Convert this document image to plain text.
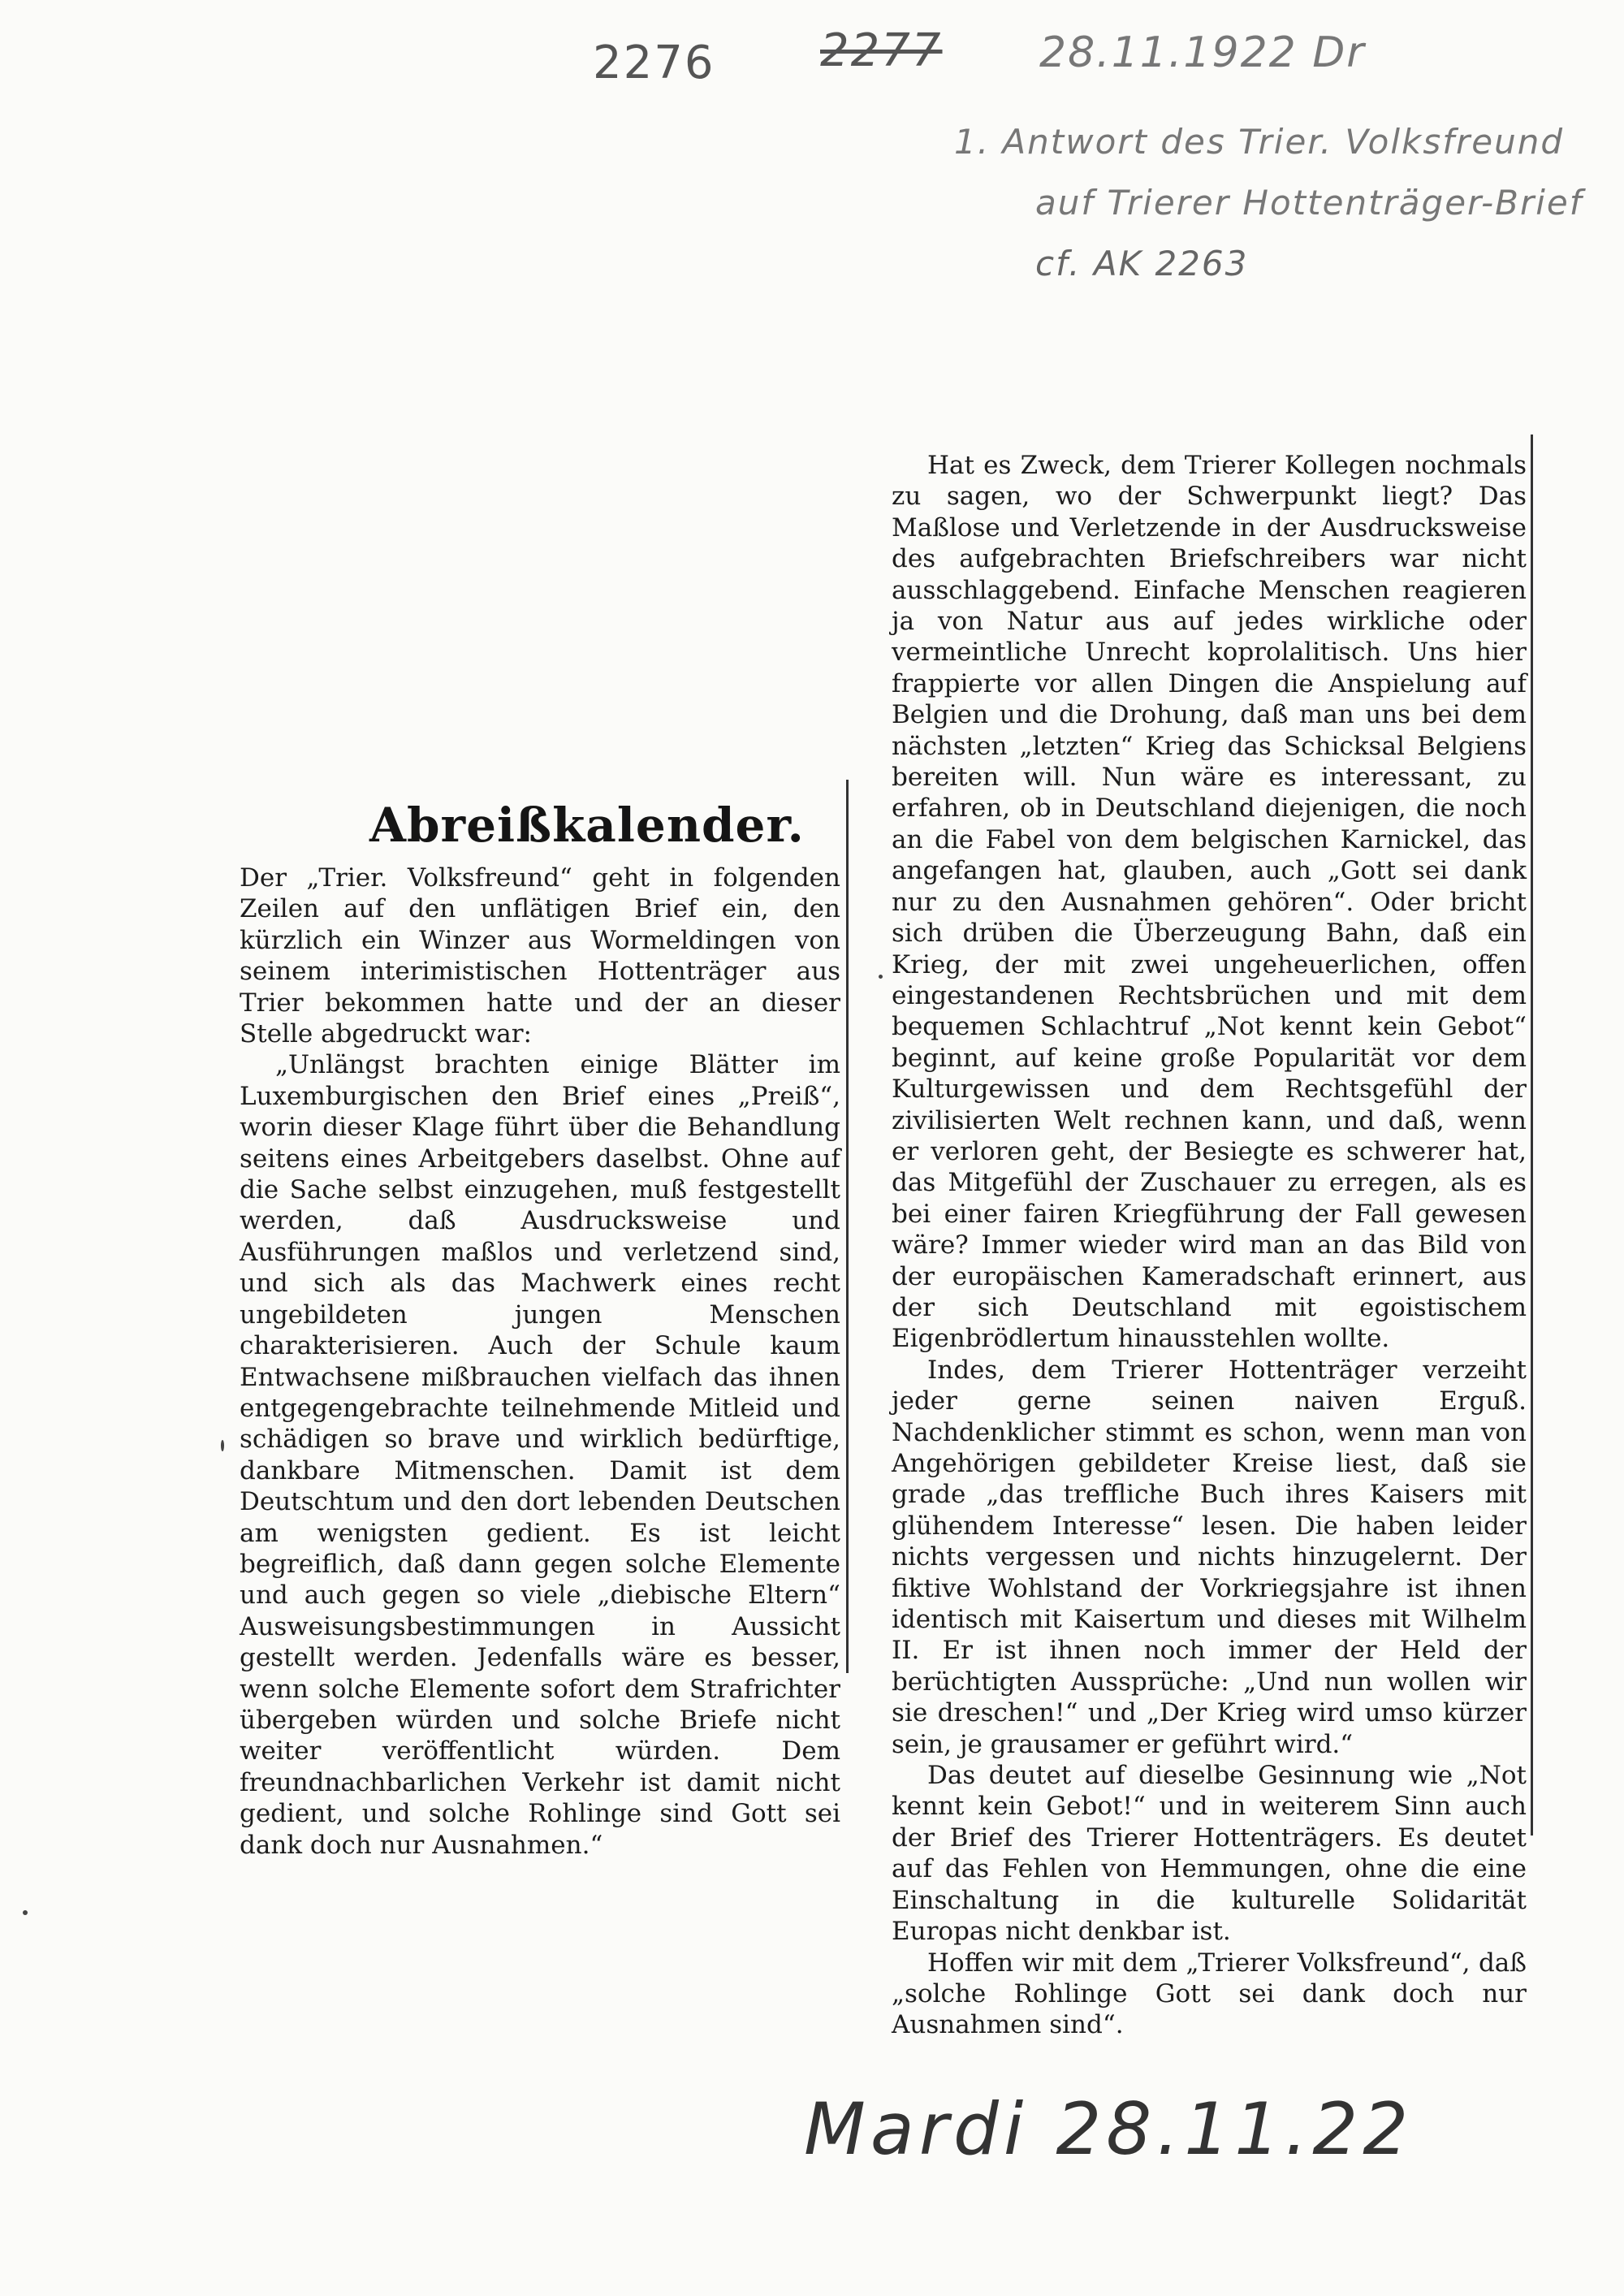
2276 2277 28.11.1922 Dr
1. Antwort des Trier. Volksfreund
auf Trierer Hottenträger-Brief
cf. AK 2263
Abreißkalender.

Der „Trier. Volksfreund“ geht in folgenden Zeilen auf den unflätigen Brief ein, den kürzlich ein Winzer aus Wormeldingen von seinem interimistischen Hottenträger aus Trier bekommen hatte und der an dieser Stelle abgedruckt war:

„Unlängst brachten einige Blätter im Luxemburgischen den Brief eines „Preiß“, worin dieser Klage führt über die Behandlung seitens eines Arbeitgebers daselbst. Ohne auf die Sache selbst einzugehen, muß festgestellt werden, daß Ausdrucksweise und Ausführungen maßlos und verletzend sind, und sich als das Machwerk eines recht ungebildeten jungen Menschen charakterisieren. Auch der Schule kaum Entwachsene mißbrauchen vielfach das ihnen entgegengebrachte teilnehmende Mitleid und schädigen so brave und wirklich bedürftige, dankbare Mitmenschen. Damit ist dem Deutschtum und den dort lebenden Deutschen am wenigsten gedient. Es ist leicht begreiflich, daß dann gegen solche Elemente und auch gegen so viele „diebische Eltern“ Ausweisungsbestimmungen in Aussicht gestellt werden. Jedenfalls wäre es besser, wenn solche Elemente sofort dem Strafrichter übergeben würden und solche Briefe nicht weiter veröffentlicht würden. Dem freundnachbarlichen Verkehr ist damit nicht gedient, und solche Rohlinge sind Gott sei dank doch nur Ausnahmen.“

Hat es Zweck, dem Trierer Kollegen nochmals zu sagen, wo der Schwerpunkt liegt? Das Maßlose und Verletzende in der Ausdrucksweise des aufgebrachten Briefschreibers war nicht ausschlaggebend. Einfache Menschen reagieren ja von Natur aus auf jedes wirkliche oder vermeintliche Unrecht koprolalitisch. Uns hier frappierte vor allen Dingen die Anspielung auf Belgien und die Drohung, daß man uns bei dem nächsten „letzten“ Krieg das Schicksal Belgiens bereiten will. Nun wäre es interessant, zu erfahren, ob in Deutschland diejenigen, die noch an die Fabel von dem belgischen Karnickel, das angefangen hat, glauben, auch „Gott sei dank nur zu den Ausnahmen gehören“. Oder bricht sich drüben die Überzeugung Bahn, daß ein Krieg, der mit zwei ungeheuerlichen, offen eingestandenen Rechtsbrüchen und mit dem bequemen Schlachtruf „Not kennt kein Gebot“ beginnt, auf keine große Popularität vor dem Kulturgewissen und dem Rechtsgefühl der zivilisierten Welt rechnen kann, und daß, wenn er verloren geht, der Besiegte es schwerer hat, das Mitgefühl der Zuschauer zu erregen, als es bei einer fairen Kriegführung der Fall gewesen wäre? Immer wieder wird man an das Bild von der europäischen Kameradschaft erinnert, aus der sich Deutschland mit egoistischem Eigenbrödlertum hinausstehlen wollte.

Indes, dem Trierer Hottenträger verzeiht jeder gerne seinen naiven Erguß. Nachdenklicher stimmt es schon, wenn man von Angehörigen gebildeter Kreise liest, daß sie grade „das treffliche Buch ihres Kaisers mit glühendem Interesse“ lesen. Die haben leider nichts vergessen und nichts hinzugelernt. Der fiktive Wohlstand der Vorkriegsjahre ist ihnen identisch mit Kaisertum und dieses mit Wilhelm II. Er ist ihnen noch immer der Held der berüchtigten Aussprüche: „Und nun wollen wir sie dreschen!“ und „Der Krieg wird umso kürzer sein, je grausamer er geführt wird.“

Das deutet auf dieselbe Gesinnung wie „Not kennt kein Gebot!“ und in weiterem Sinn auch der Brief des Trierer Hottenträgers. Es deutet auf das Fehlen von Hemmungen, ohne die eine Einschaltung in die kulturelle Solidarität Europas nicht denkbar ist.

Hoffen wir mit dem „Trierer Volksfreund“, daß „solche Rohlinge Gott sei dank doch nur Ausnahmen sind“.

Mardi 28.11.22
